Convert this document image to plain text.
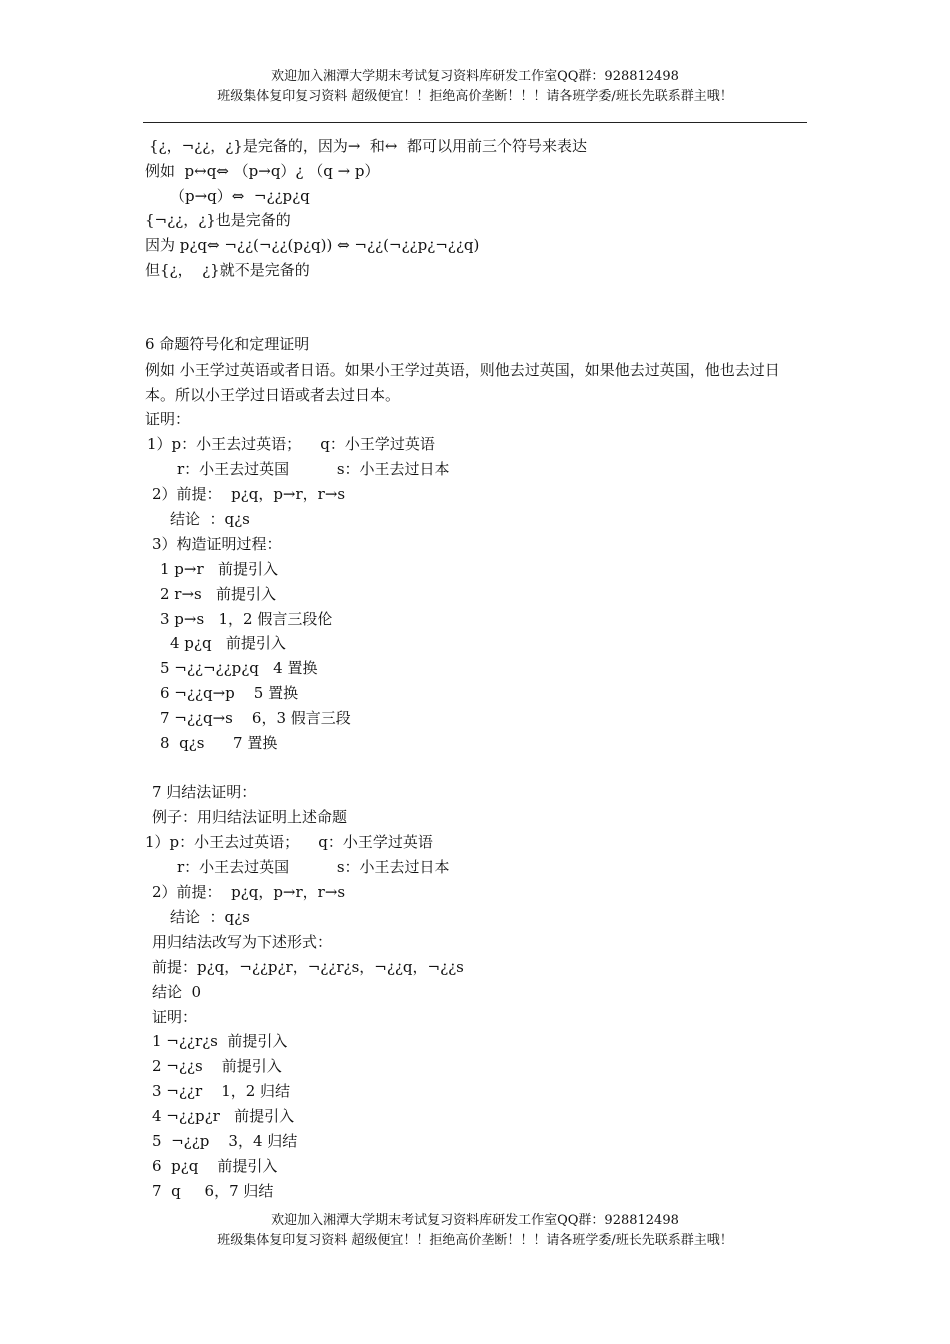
欢迎加入湘潭大学期末考试复习资料库研发工作室QQ群：928812498
班级集体复印复习资料 超级便宜！！拒绝高价垄断！！！请各班学委/班长先联系群主哦！
{¿，¬¿¿，¿}是完备的，因为→  和↔  都可以用前三个符号来表达
例如  p↔q⇔ （p→q）¿ （q → p）
（p→q）⇔  ¬¿¿p¿q
{¬¿¿，¿}也是完备的
因为 p¿q⇔ ¬¿¿(¬¿¿(p¿q)) ⇔ ¬¿¿(¬¿¿p¿¬¿¿q)
但{¿，  ¿}就不是完备的
6 命题符号化和定理证明
证明：
1）p：小王去过英语；    q：小王学过英语
r：小王去过英国          s：小王去过日本
2）前提：  p¿q，p→r，r→s
结论  ：q¿s
3）构造证明过程：
1 p→r   前提引入
2 r→s   前提引入
3 p→s   1，2 假言三段伦
4 p¿q   前提引入
5 ¬¿¿¬¿¿p¿q   4 置换
6 ¬¿¿q→p    5 置换
7 ¬¿¿q→s    6，3 假言三段
8  q¿s      7 置换
7 归结法证明：
例子：用归结法证明上述命题
1）p：小王去过英语；    q：小王学过英语
r：小王去过英国          s：小王去过日本
2）前提：  p¿q，p→r，r→s
结论  ：q¿s
用归结法改写为下述形式：
前提：p¿q，¬¿¿p¿r，¬¿¿r¿s，¬¿¿q，¬¿¿s
结论  0
证明：
1 ¬¿¿r¿s  前提引入
2 ¬¿¿s    前提引入
3 ¬¿¿r    1，2 归结
4 ¬¿¿p¿r   前提引入
5  ¬¿¿p    3，4 归结
6  p¿q    前提引入
7  q     6，7 归结
例如 小王学过英语或者日语。如果小王学过英语，则他去过英国，如果他去过英国，他也去过日本。所以小王学过日语或者去过日本。
欢迎加入湘潭大学期末考试复习资料库研发工作室QQ群：928812498
班级集体复印复习资料 超级便宜！！拒绝高价垄断！！！请各班学委/班长先联系群主哦！
